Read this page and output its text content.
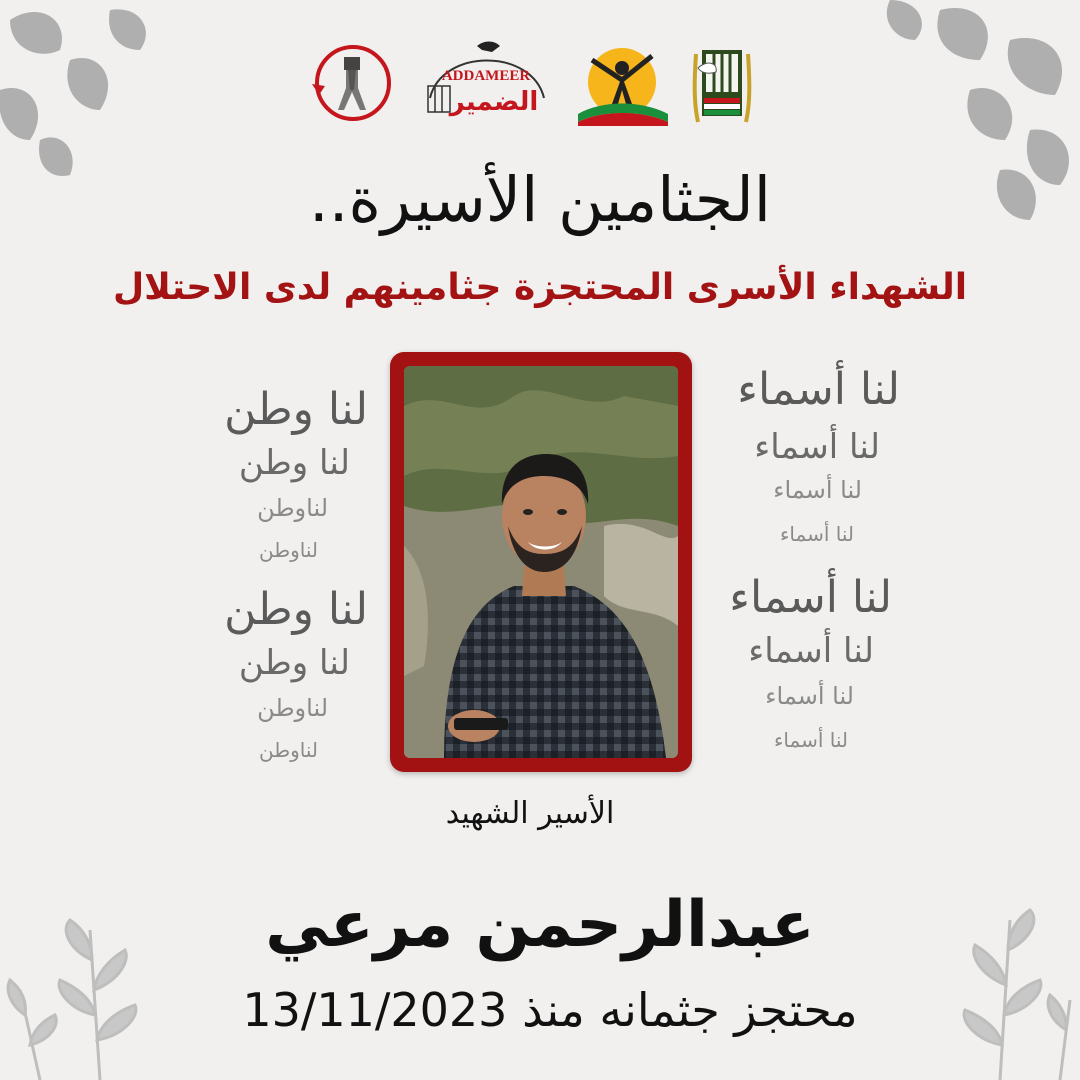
ADDAMEER
الضمير
الجثامين الأسيرة..
الشهداء الأسرى المحتجزة جثامينهم لدى الاحتلال
لنا أسماء
لنا أسماء
لنا أسماء
لنا أسماء
لنا أسماء
لنا أسماء
لنا أسماء
لنا أسماء
لنا وطن
لنا وطن
لناوطن
لناوطن
لنا وطن
لنا وطن
لناوطن
لناوطن
الأسير الشهيد
عبدالرحمن مرعي
13/11/2023 محتجز جثمانه منذ
